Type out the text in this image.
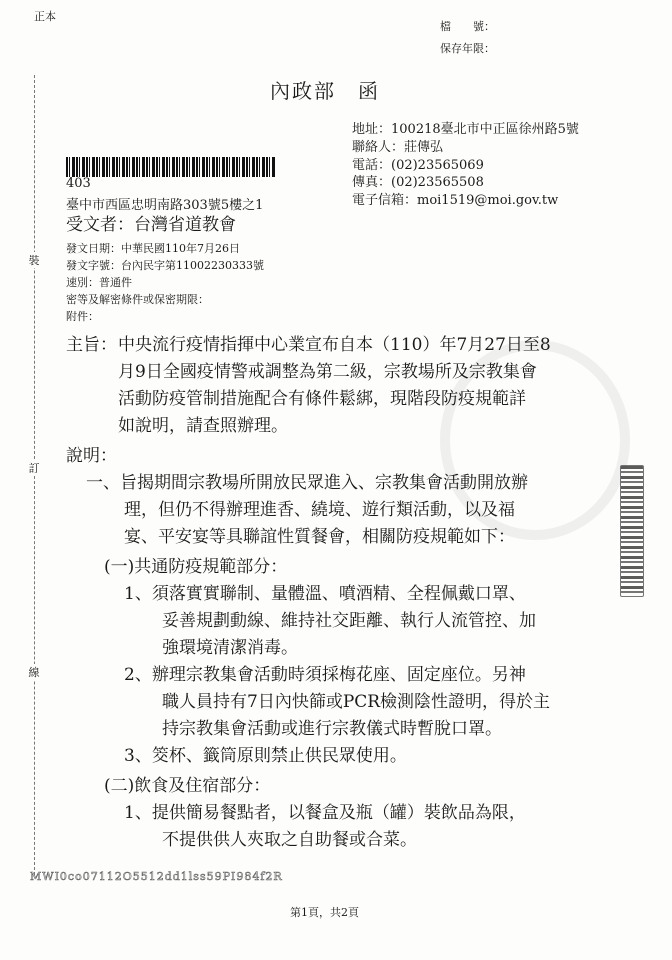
正本
檔　　號：
保存年限：
裝
訂
線
內政部　函
地址：100218臺北市中正區徐州路5號
聯絡人：莊傳弘
電話：(02)23565069
傳真：(02)23565508
電子信箱：moi1519@moi.gov.tw
403
臺中市西區忠明南路303號5樓之1
受文者：台灣省道教會
發文日期：中華民國110年7月26日
發文字號：台內民字第11002230333號
速別：普通件
密等及解密條件或保密期限：
附件：
主旨： 中央流行疫情指揮中心業宣布自本（110）年7月27日至8
月9日全國疫情警戒調整為第二級，宗教場所及宗教集會
活動防疫管制措施配合有條件鬆綁，現階段防疫規範詳
如說明，請查照辦理。
說明：
一、旨揭期間宗教場所開放民眾進入、宗教集會活動開放辦
理，但仍不得辦理進香、繞境、遊行類活動，以及福
宴、平安宴等具聯誼性質餐會，相關防疫規範如下：
(一)共通防疫規範部分：
1、須落實實聯制、量體溫、噴酒精、全程佩戴口罩、
妥善規劃動線、維持社交距離、執行人流管控、加
強環境清潔消毒。
2、辦理宗教集會活動時須採梅花座、固定座位。另神
職人員持有7日內快篩或PCR檢測陰性證明，得於主
持宗教集會活動或進行宗教儀式時暫脫口罩。
3、筊杯、籤筒原則禁止供民眾使用。
(二)飲食及住宿部分：
1、提供簡易餐點者，以餐盒及瓶（罐）裝飲品為限，
不提供供人夾取之自助餐或合菜。
MWI0co07112O5512dd1lss59PI984f2R
第1頁，共2頁
